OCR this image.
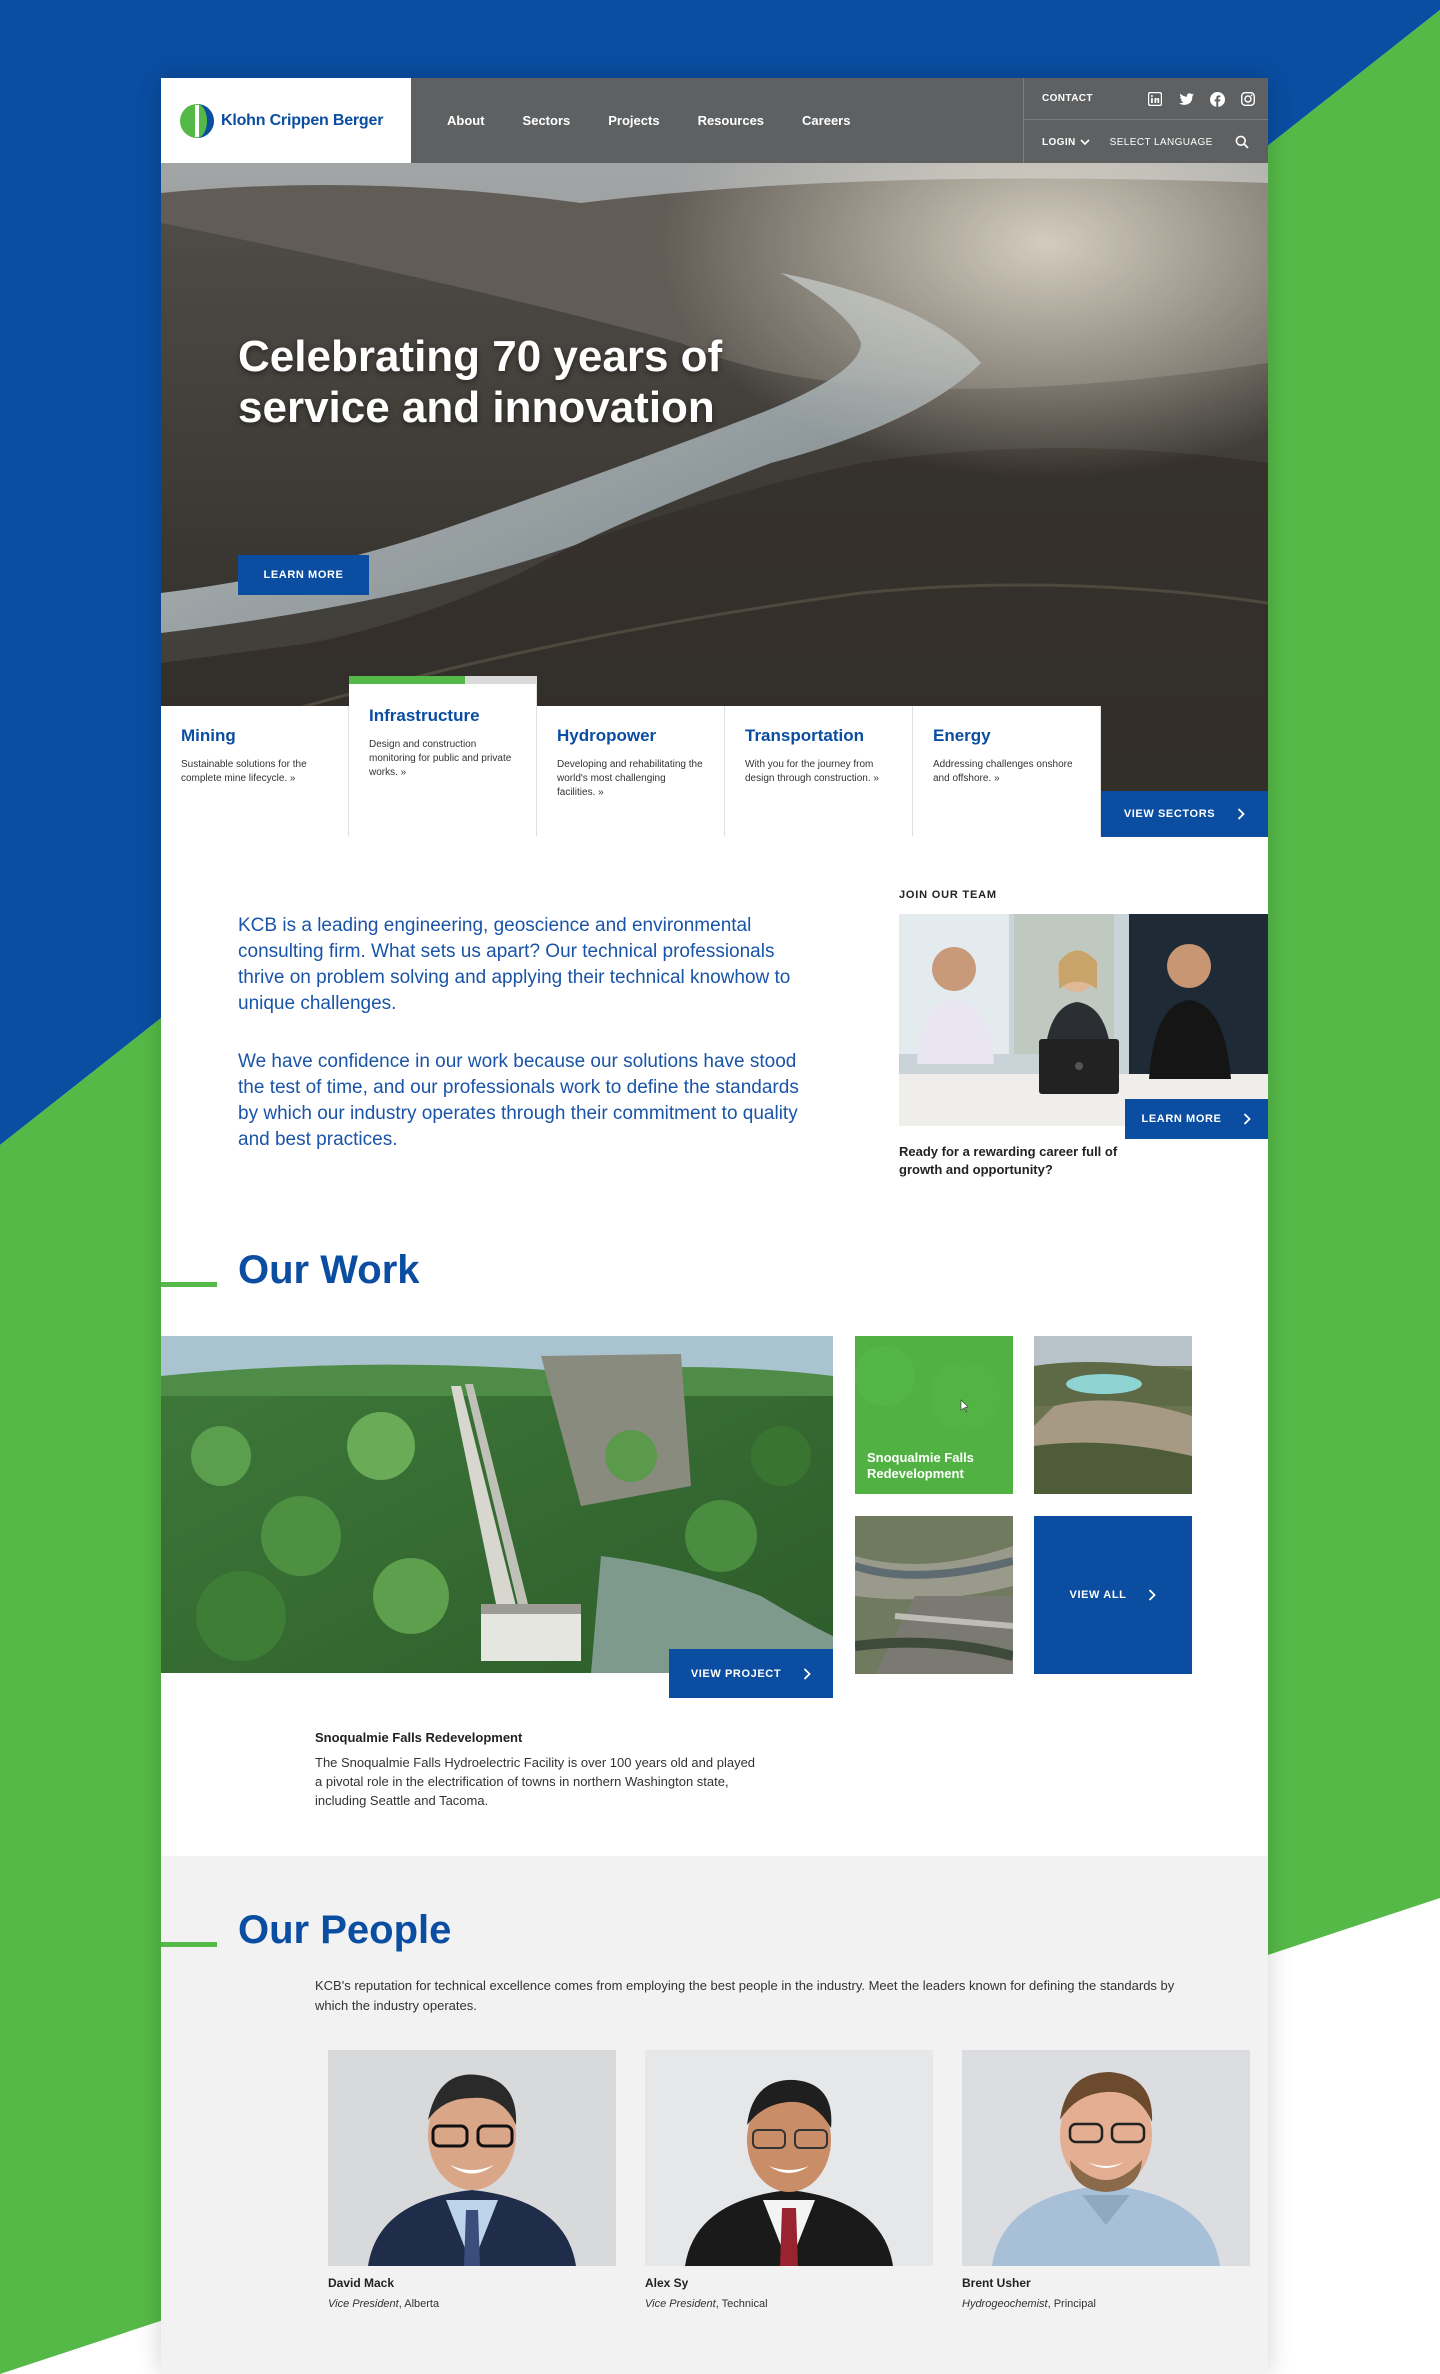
Klohn Crippen Berger	About	Sectors	Projects	Resources	Careers
CONTACT
LOGIN	SELECT LANGUAGE
Celebrating 70 years of service and innovation
LEARN MORE
Mining
Sustainable solutions for the complete mine lifecycle. »
Infrastructure
Design and construction monitoring for public and private works. »
Hydropower
Developing and rehabilitating the world's most challenging facilities. »
Transportation
With you for the journey from design through construction. »
Energy
Addressing challenges onshore and offshore. »
VIEW SECTORS

KCB is a leading engineering, geoscience and environmental consulting firm. What sets us apart? Our technical professionals thrive on problem solving and applying their technical knowhow to unique challenges.

We have confidence in our work because our solutions have stood the test of time, and our professionals work to define the standards by which our industry operates through their commitment to quality and best practices.

JOIN OUR TEAM
LEARN MORE
Ready for a rewarding career full of growth and opportunity?
Our Work
VIEW PROJECT
Snoqualmie Falls Redevelopment
VIEW ALL
Snoqualmie Falls Redevelopment
The Snoqualmie Falls Hydroelectric Facility is over 100 years old and played a pivotal role in the electrification of towns in northern Washington state, including Seattle and Tacoma.
Our People
KCB's reputation for technical excellence comes from employing the best people in the industry. Meet the leaders known for defining the standards by which the industry operates.
David Mack
Vice President, Alberta
Alex Sy
Vice President, Technical
Brent Usher
Hydrogeochemist, Principal
